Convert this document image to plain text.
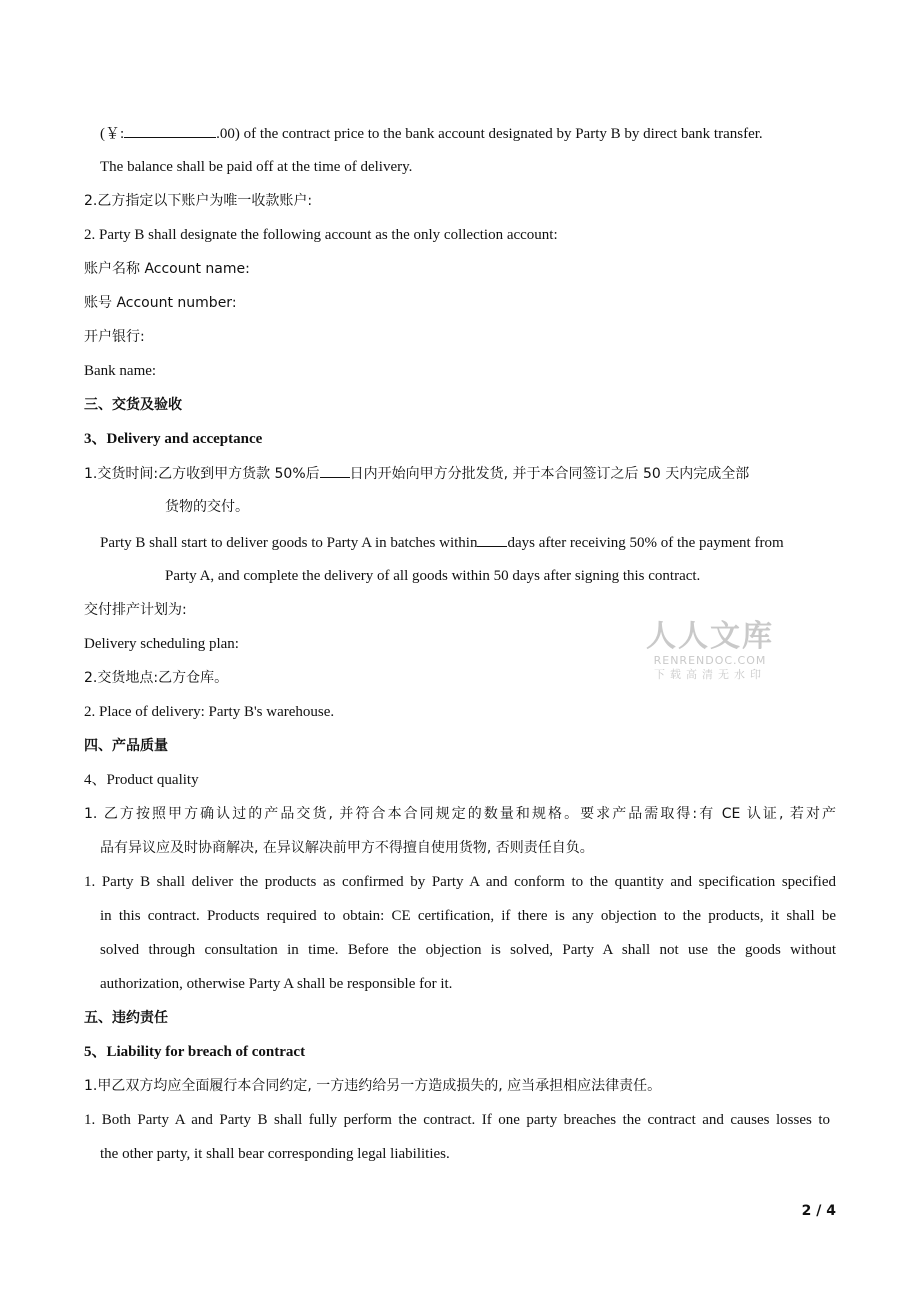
(￥:	.00) of the contract price to the bank account designated by Party B by direct bank transfer.
The balance shall be paid off at the time of delivery.
2.乙方指定以下账户为唯一收款账户:
2. Party B shall designate the following account as the only collection account:
账户名称 Account name:
账号 Account number:
开户银行:
Bank name:
三、交货及验收
3、Delivery and acceptance
1.交货时间:乙方收到甲方货款 50%后 日内开始向甲方分批发货, 并于本合同签订之后 50 天内完成全部
货物的交付。
Party B shall start to deliver goods to Party A in batches within days after receiving 50% of the payment from
Party A, and complete the delivery of all goods within 50 days after signing this contract.
交付排产计划为:
Delivery scheduling plan:
2.交货地点:乙方仓库。
2. Place of delivery: Party B's warehouse.
四、产品质量
4、Product quality
1. 乙方按照甲方确认过的产品交货, 并符合本合同规定的数量和规格。要求产品需取得:有 CE 认证, 若对产
品有异议应及时协商解决, 在异议解决前甲方不得擅自使用货物, 否则责任自负。
1. Party B shall deliver the products as confirmed by Party A and conform to the quantity and specification specified
in this contract. Products required to obtain: CE certification, if there is any objection to the products, it shall be
solved through consultation in time. Before the objection is solved, Party A shall not use the goods without
authorization, otherwise Party A shall be responsible for it.
五、违约责任
5、Liability for breach of contract
1.甲乙双方均应全面履行本合同约定, 一方违约给另一方造成损失的, 应当承担相应法律责任。
1. Both Party A and Party B shall fully perform the contract. If one party breaches the contract and causes losses to
the other party, it shall bear corresponding legal liabilities.
人人文库
RENRENDOC.COM
下载高清无水印
2 / 4
